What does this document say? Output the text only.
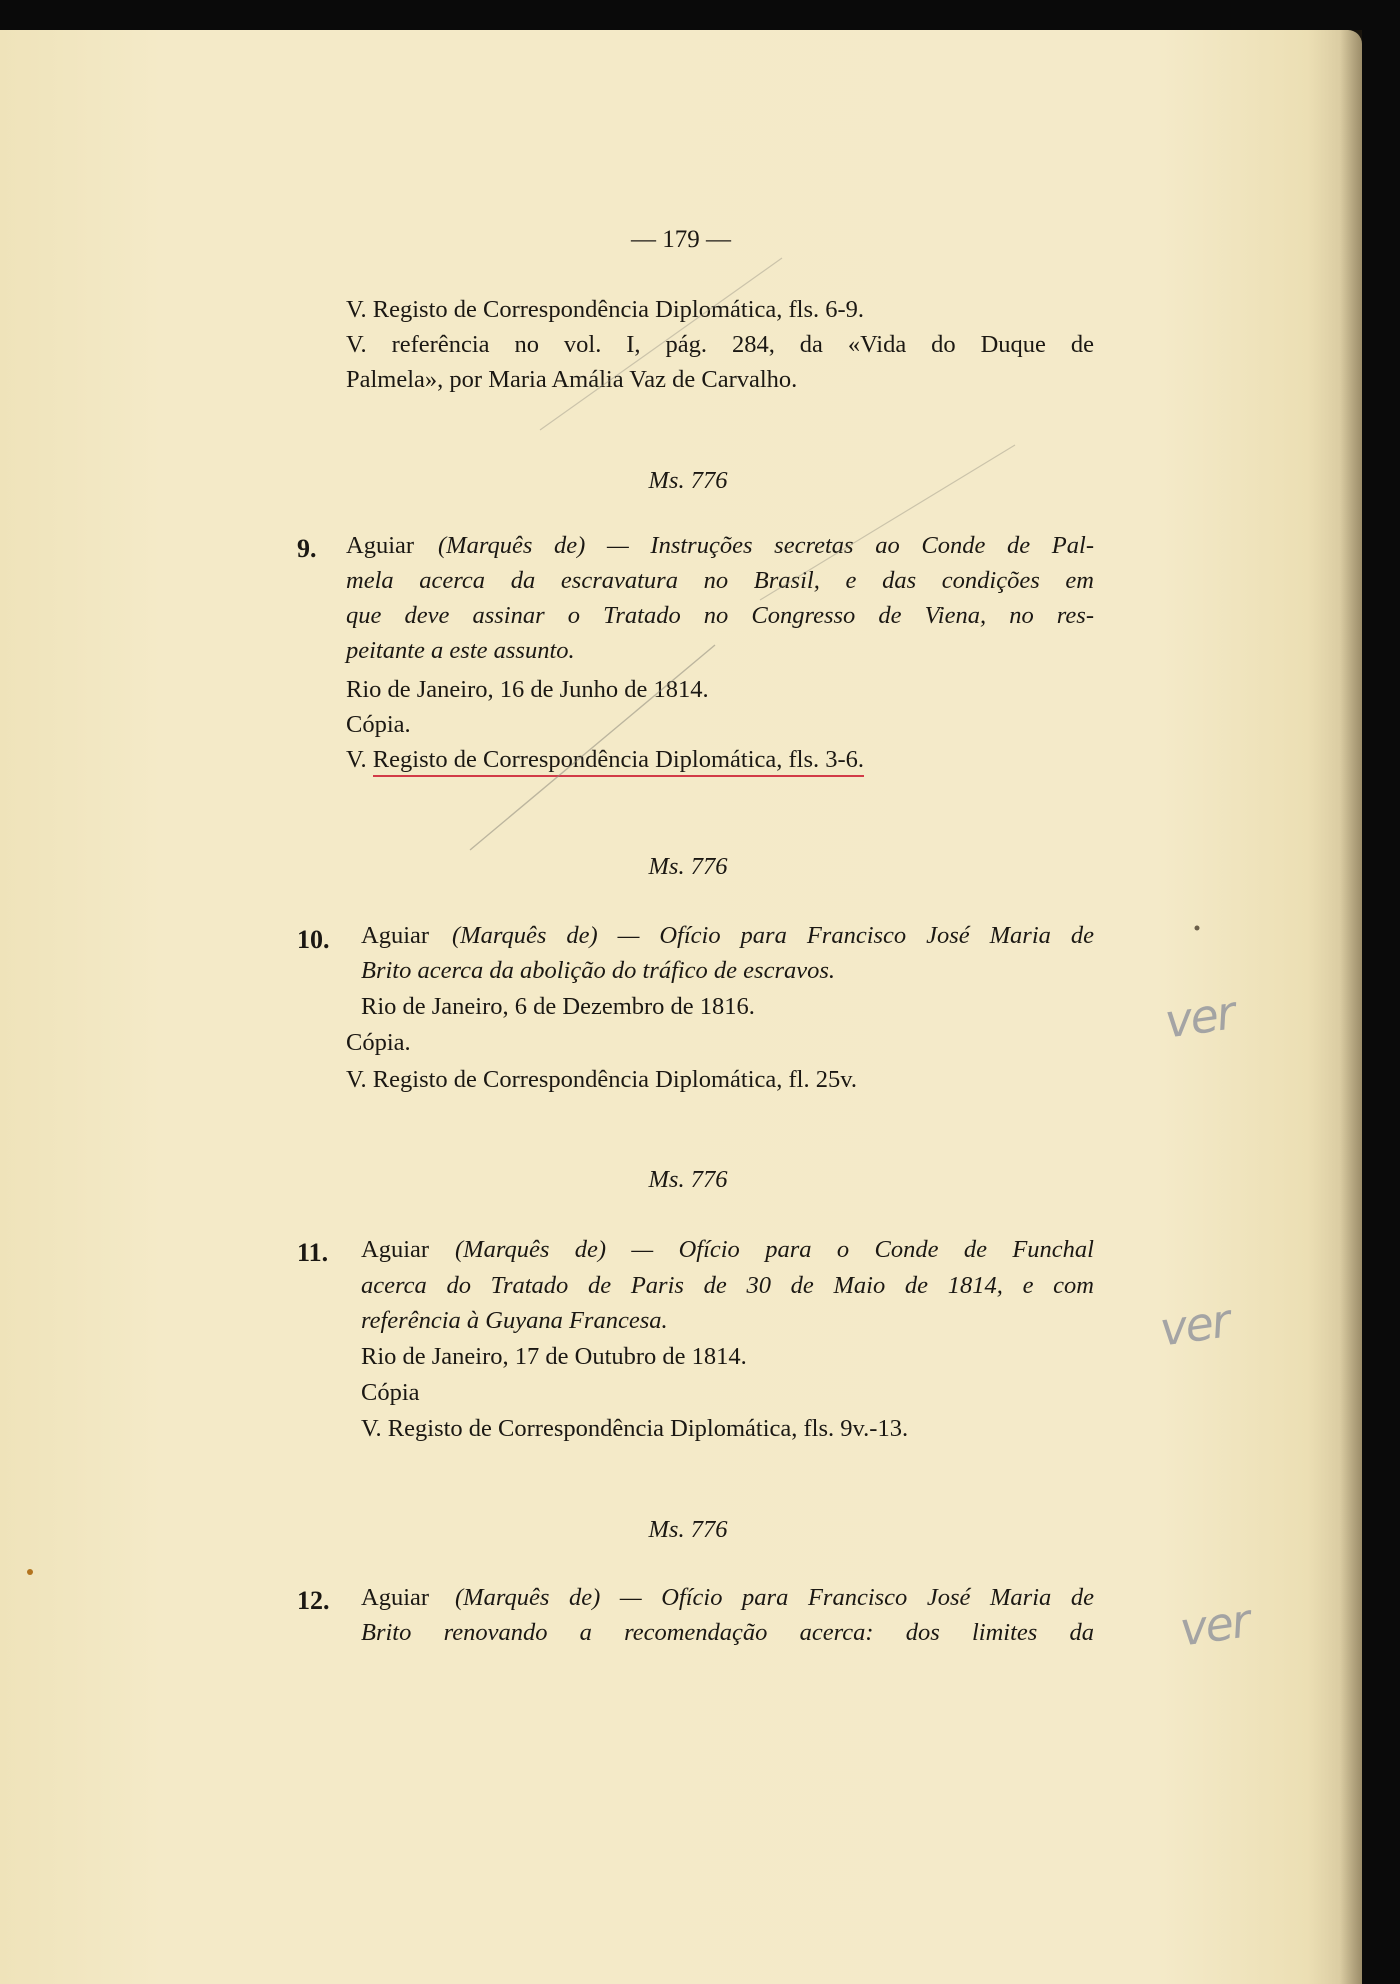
— 179 —
V. Registo de Correspondência Diplomática, fls. 6-9.
V. referência no vol. I, pág. 284, da «Vida do Duque de
Palmela», por Maria Amália Vaz de Carvalho.
Ms. 776
9. Aguiar (Marquês de) — Instruções secretas ao Conde de Pal-
mela acerca da escravatura no Brasil, e das condições em
que deve assinar o Tratado no Congresso de Viena, no res-
peitante a este assunto.
Rio de Janeiro, 16 de Junho de 1814.
Cópia.
V. Registo de Correspondência Diplomática, fls. 3-6.
Ms. 776
10. Aguiar (Marquês de) — Ofício para Francisco José Maria de
Brito acerca da abolição do tráfico de escravos.
Rio de Janeiro, 6 de Dezembro de 1816.
Cópia.
V. Registo de Correspondência Diplomática, fl. 25v.
Ms. 776
11. Aguiar (Marquês de) — Ofício para o Conde de Funchal
acerca do Tratado de Paris de 30 de Maio de 1814, e com
referência à Guyana Francesa.
Rio de Janeiro, 17 de Outubro de 1814.
Cópia
V. Registo de Correspondência Diplomática, fls. 9v.-13.
Ms. 776
12. Aguiar (Marquês de) — Ofício para Francisco José Maria de
Brito renovando a recomendação acerca: dos limites da
ver
ver
ver
